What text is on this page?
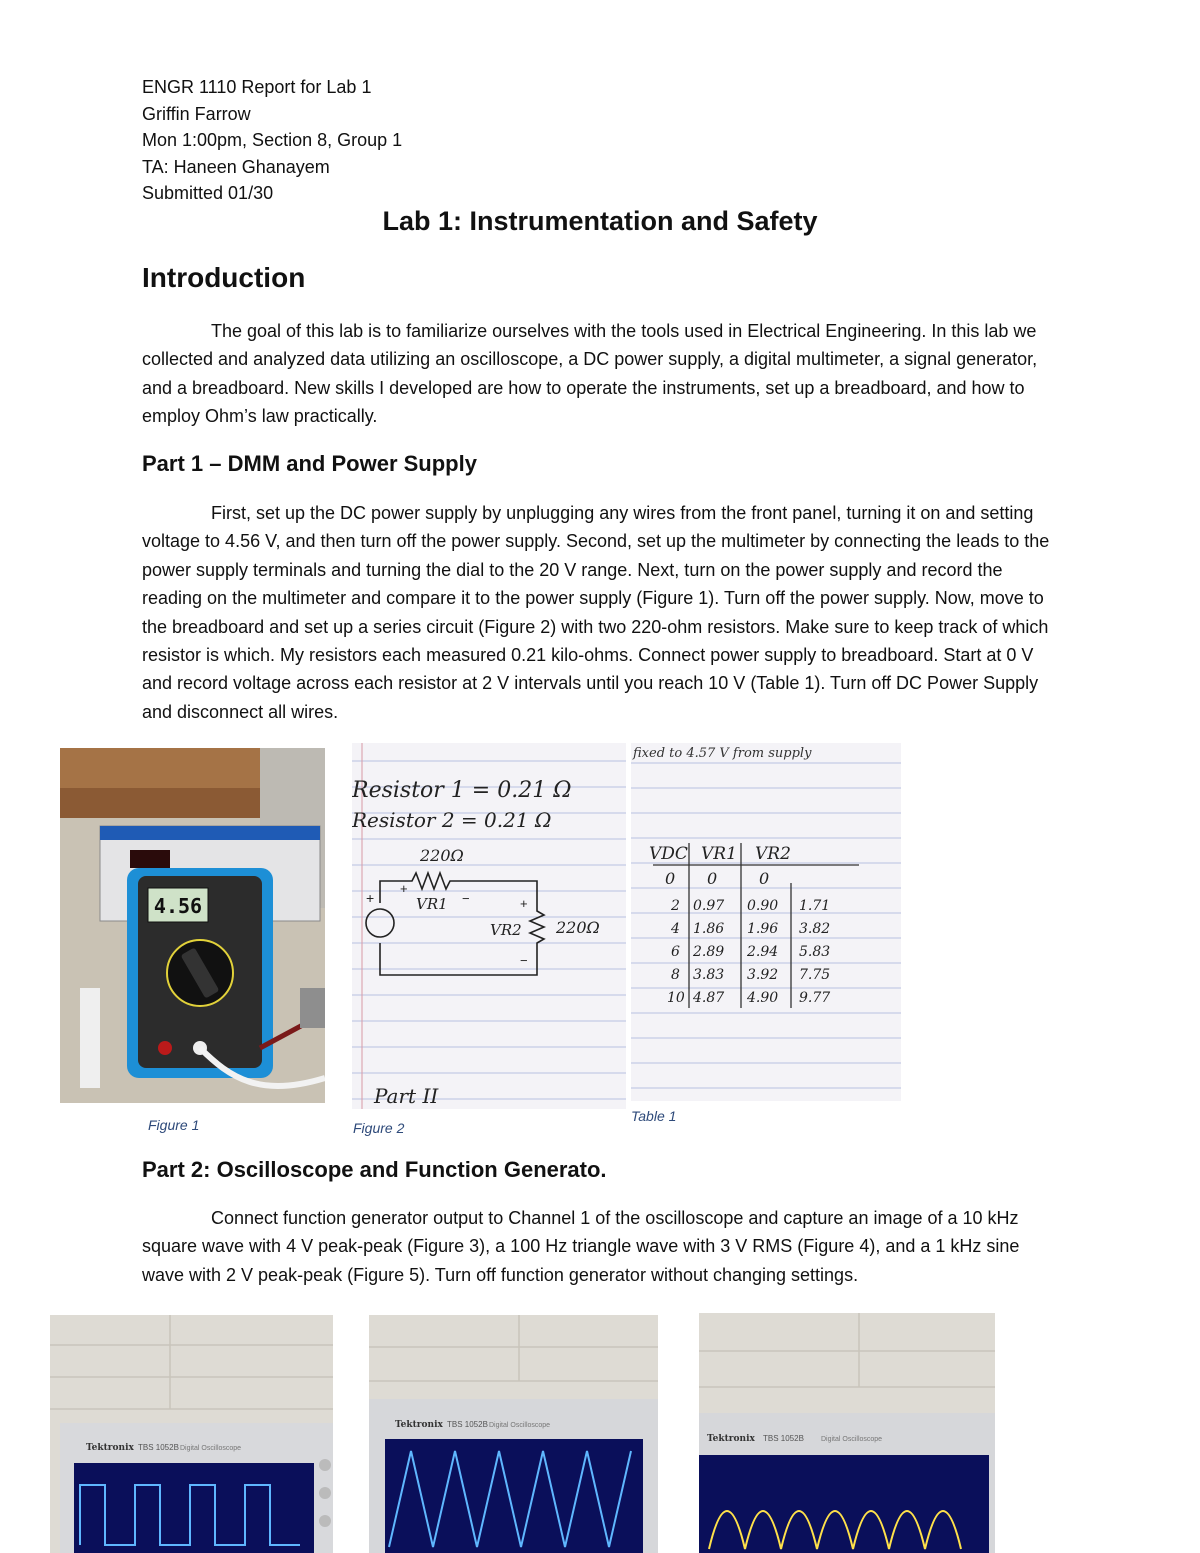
ENGR 1110 Report for Lab 1
Griffin Farrow
Mon 1:00pm, Section 8, Group 1
TA: Haneen Ghanayem
Submitted 01/30
Lab 1: Instrumentation and Safety
Introduction

The goal of this lab is to familiarize ourselves with the tools used in Electrical Engineering. In this lab we collected and analyzed data utilizing an oscilloscope, a DC power supply, a digital multimeter, a signal generator, and a breadboard. New skills I developed are how to operate the instruments, set up a breadboard, and how to employ Ohm’s law practically.

Part 1 – DMM and Power Supply

First, set up the DC power supply by unplugging any wires from the front panel, turning it on and setting voltage to 4.56 V, and then turn off the power supply. Second, set up the multimeter by connecting the leads to the power supply terminals and turning the dial to the 20 V range. Next, turn on the power supply and record the reading on the multimeter and compare it to the power supply (Figure 1). Turn off the power supply. Now, move to the breadboard and set up a series circuit (Figure 2) with two 220-ohm resistors. Make sure to keep track of which resistor is which. My resistors each measured 0.21 kilo-ohms. Connect power supply to breadboard. Start at 0 V and record voltage across each resistor at 2 V intervals until you reach 10 V (Table 1). Turn off DC Power Supply and disconnect all wires.

4.56
Figure 1
Resistor 1 = 0.21 Ω
Resistor 2 = 0.21 Ω
220Ω
VR1
VR2 220Ω
+
+
−	+
−
Part II
Figure 2
fixed to 4.57 V from supply
VDC VR1 VR2
0 0	0
2 0.97 0.90 1.71
4 1.86 1.96 3.82
6 2.89 2.94 5.83
8 3.83 3.92 7.75
10 4.87 4.90 9.77
Table 1
Part 2: Oscilloscope and Function Generato.

Connect function generator output to Channel 1 of the oscilloscope and capture an image of a 10 kHz square wave with 4 V peak-peak (Figure 3), a 100 Hz triangle wave with 3 V RMS (Figure 4), and a 1 kHz sine wave with 2 V peak-peak (Figure 5). Turn off function generator without changing settings.

Tektronix TBS 1052B Digital Oscilloscope
Tektronix TBS 1052B Digital Oscilloscope
Tektronix TBS 1052B Digital Oscilloscope
